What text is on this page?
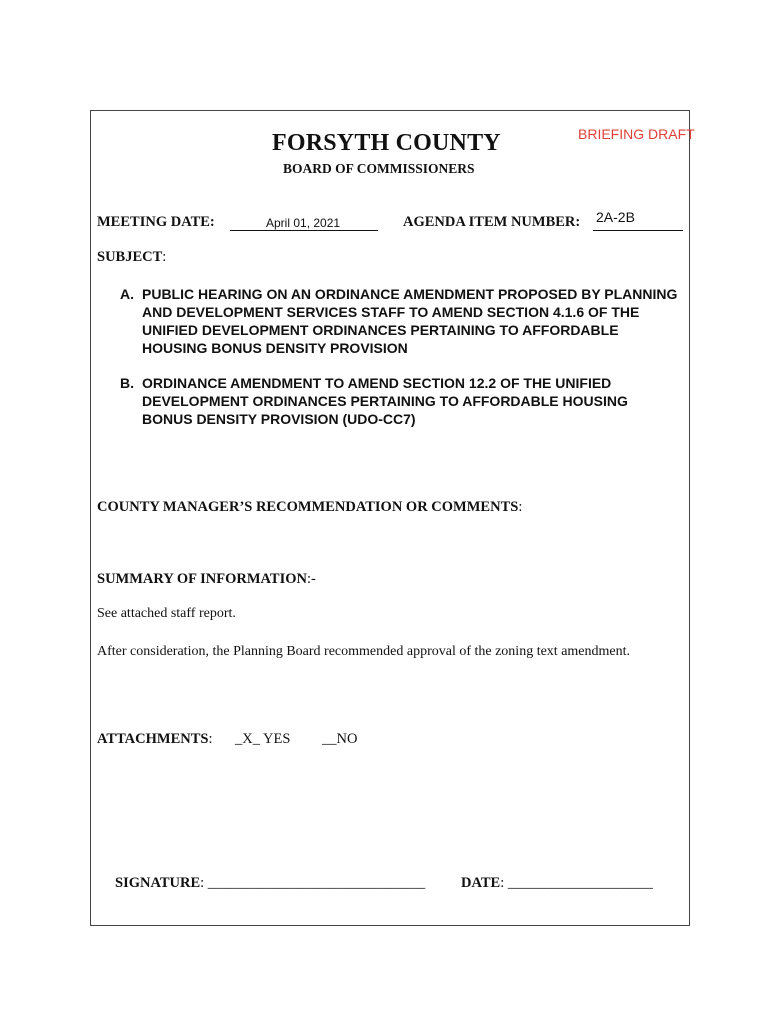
FORSYTH COUNTY
BOARD OF COMMISSIONERS
BRIEFING DRAFT
MEETING DATE:	April 01, 2021	AGENDA ITEM NUMBER: 2A-2B
SUBJECT:
A. PUBLIC HEARING ON AN ORDINANCE AMENDMENT PROPOSED BY PLANNING AND DEVELOPMENT SERVICES STAFF TO AMEND SECTION 4.1.6 OF THE UNIFIED DEVELOPMENT ORDINANCES PERTAINING TO AFFORDABLE HOUSING BONUS DENSITY PROVISION
B. ORDINANCE AMENDMENT TO AMEND SECTION 12.2 OF THE UNIFIED DEVELOPMENT ORDINANCES PERTAINING TO AFFORDABLE HOUSING BONUS DENSITY PROVISION (UDO-CC7)
COUNTY MANAGER’S RECOMMENDATION OR COMMENTS:
SUMMARY OF INFORMATION:-
See attached staff report.
After consideration, the Planning Board recommended approval of the zoning text amendment.
ATTACHMENTS: _X_ YES __NO
SIGNATURE: ______________________________ DATE: ____________________
